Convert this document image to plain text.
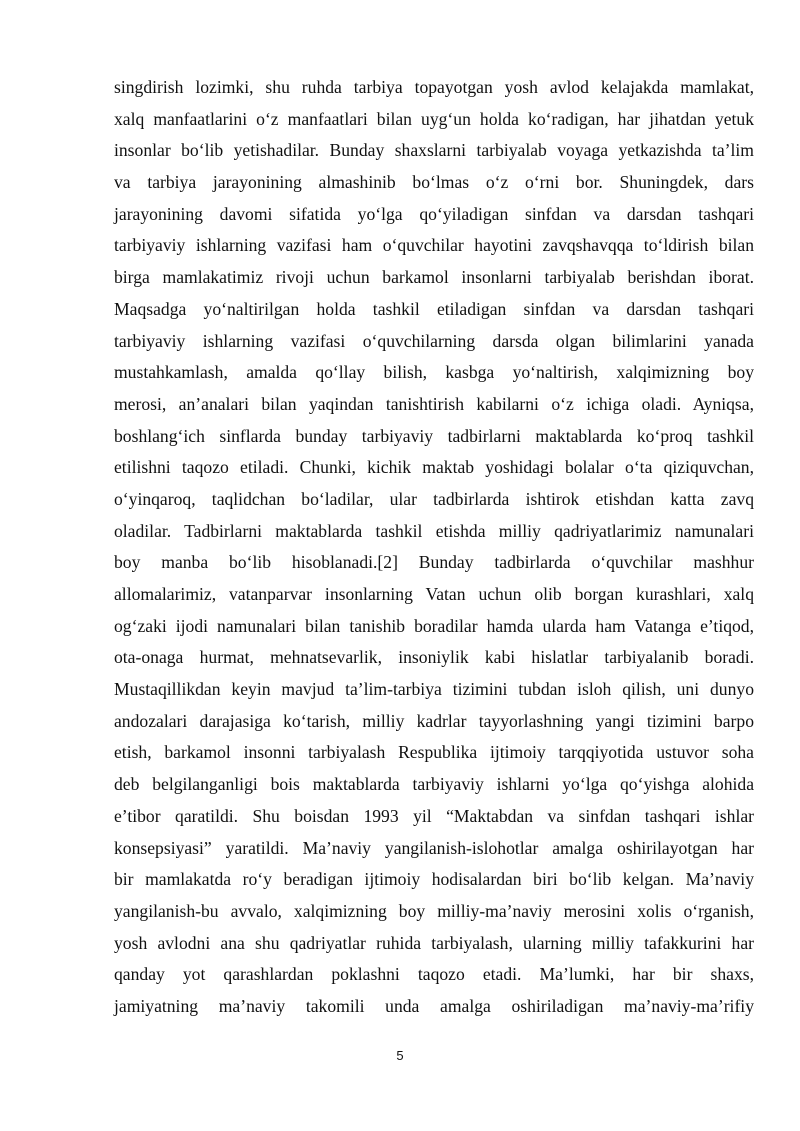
singdirish lozimki, shu ruhda tarbiya topayotgan yosh avlod kelajakda mamlakat,
xalq manfaatlarini o‘z manfaatlari bilan uyg‘un holda ko‘radigan, har jihatdan yetuk
insonlar bo‘lib yetishadilar. Bunday shaxslarni tarbiyalab voyaga yetkazishda ta’lim
va tarbiya jarayonining almashinib bo‘lmas o‘z o‘rni bor. Shuningdek, dars
jarayonining davomi sifatida yo‘lga qo‘yiladigan sinfdan va darsdan tashqari
tarbiyaviy ishlarning vazifasi ham o‘quvchilar hayotini zavqshavqqa to‘ldirish bilan
birga mamlakatimiz rivoji uchun barkamol insonlarni tarbiyalab berishdan iborat.
Maqsadga yo‘naltirilgan holda tashkil etiladigan sinfdan va darsdan tashqari
tarbiyaviy ishlarning vazifasi o‘quvchilarning darsda olgan bilimlarini yanada
mustahkamlash, amalda qo‘llay bilish, kasbga yo‘naltirish, xalqimizning boy
merosi, an’analari bilan yaqindan tanishtirish kabilarni o‘z ichiga oladi. Ayniqsa,
boshlang‘ich sinflarda bunday tarbiyaviy tadbirlarni maktablarda ko‘proq tashkil
etilishni taqozo etiladi. Chunki, kichik maktab yoshidagi bolalar o‘ta qiziquvchan,
o‘yinqaroq, taqlidchan bo‘ladilar, ular tadbirlarda ishtirok etishdan katta zavq
oladilar. Tadbirlarni maktablarda tashkil etishda milliy qadriyatlarimiz namunalari
boy manba bo‘lib hisoblanadi.[2] Bunday tadbirlarda o‘quvchilar mashhur
allomalarimiz, vatanparvar insonlarning Vatan uchun olib borgan kurashlari, xalq
og‘zaki ijodi namunalari bilan tanishib boradilar hamda ularda ham Vatanga e’tiqod,
ota-onaga hurmat, mehnatsevarlik, insoniylik kabi hislatlar tarbiyalanib boradi.
Mustaqillikdan keyin mavjud ta’lim-tarbiya tizimini tubdan isloh qilish, uni dunyo
andozalari darajasiga ko‘tarish, milliy kadrlar tayyorlashning yangi tizimini barpo
etish, barkamol insonni tarbiyalash Respublika ijtimoiy tarqqiyotida ustuvor soha
deb belgilanganligi bois maktablarda tarbiyaviy ishlarni yo‘lga qo‘yishga alohida
e’tibor qaratildi. Shu boisdan 1993 yil “Maktabdan va sinfdan tashqari ishlar
konsepsiyasi” yaratildi. Ma’naviy yangilanish-islohotlar amalga oshirilayotgan har
bir mamlakatda ro‘y beradigan ijtimoiy hodisalardan biri bo‘lib kelgan. Ma’naviy
yangilanish-bu avvalo, xalqimizning boy milliy-ma’naviy merosini xolis o‘rganish,
yosh avlodni ana shu qadriyatlar ruhida tarbiyalash, ularning milliy tafakkurini har
qanday yot qarashlardan poklashni taqozo etadi. Ma’lumki, har bir shaxs,
jamiyatning ma’naviy takomili unda amalga oshiriladigan ma’naviy-ma’rifiy
5
